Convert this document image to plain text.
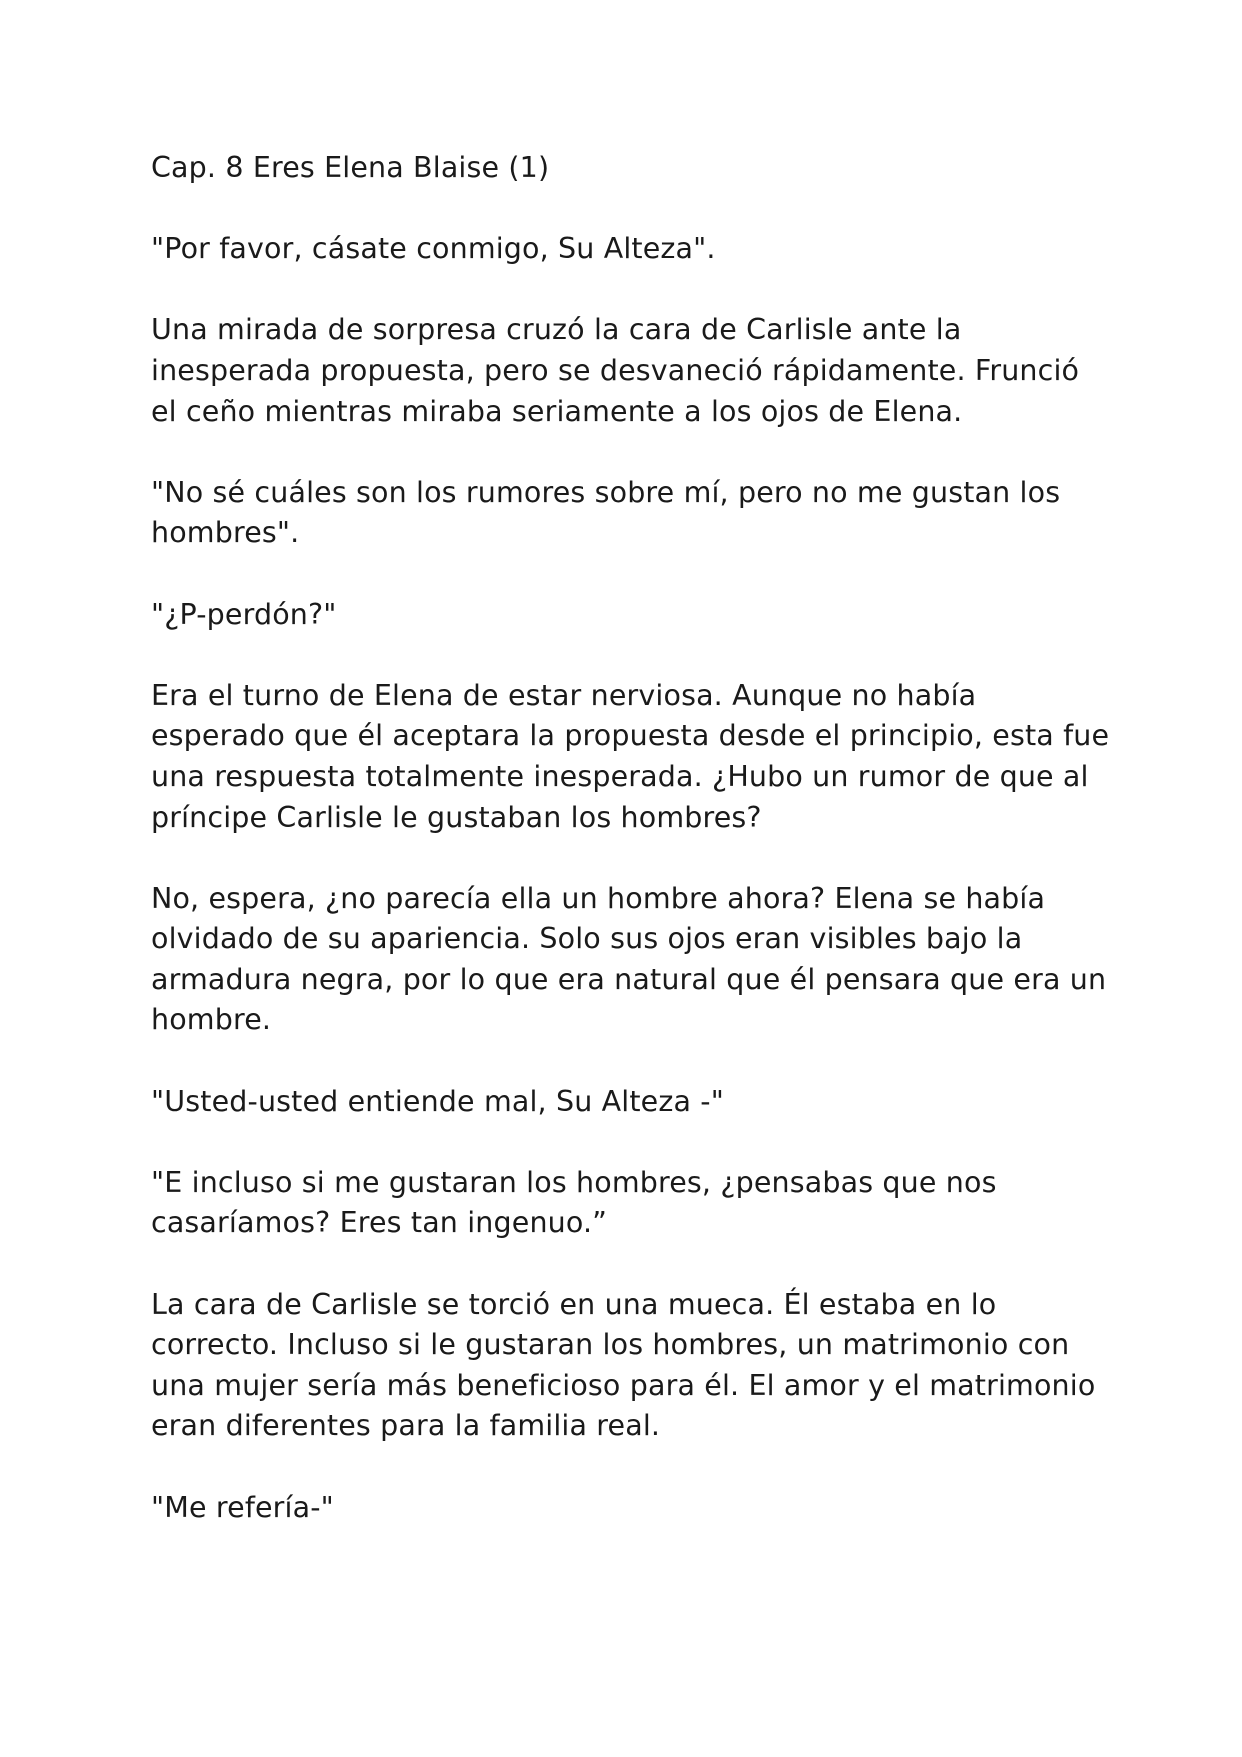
Cap. 8 Eres Elena Blaise (1)

"Por favor, cásate conmigo, Su Alteza".

Una mirada de sorpresa cruzó la cara de Carlisle ante la inesperada propuesta, pero se desvaneció rápidamente. Frunció el ceño mientras miraba seriamente a los ojos de Elena.

"No sé cuáles son los rumores sobre mí, pero no me gustan los hombres".

"¿P-perdón?"

Era el turno de Elena de estar nerviosa. Aunque no había esperado que él aceptara la propuesta desde el principio, esta fue una respuesta totalmente inesperada. ¿Hubo un rumor de que al príncipe Carlisle le gustaban los hombres?

No, espera, ¿no parecía ella un hombre ahora? Elena se había olvidado de su apariencia. Solo sus ojos eran visibles bajo la armadura negra, por lo que era natural que él pensara que era un hombre.

"Usted-usted entiende mal, Su Alteza -"

"E incluso si me gustaran los hombres, ¿pensabas que nos casaríamos? Eres tan ingenuo.”

La cara de Carlisle se torció en una mueca. Él estaba en lo correcto. Incluso si le gustaran los hombres, un matrimonio con una mujer sería más beneficioso para él. El amor y el matrimonio eran diferentes para la familia real.

"Me refería-"
